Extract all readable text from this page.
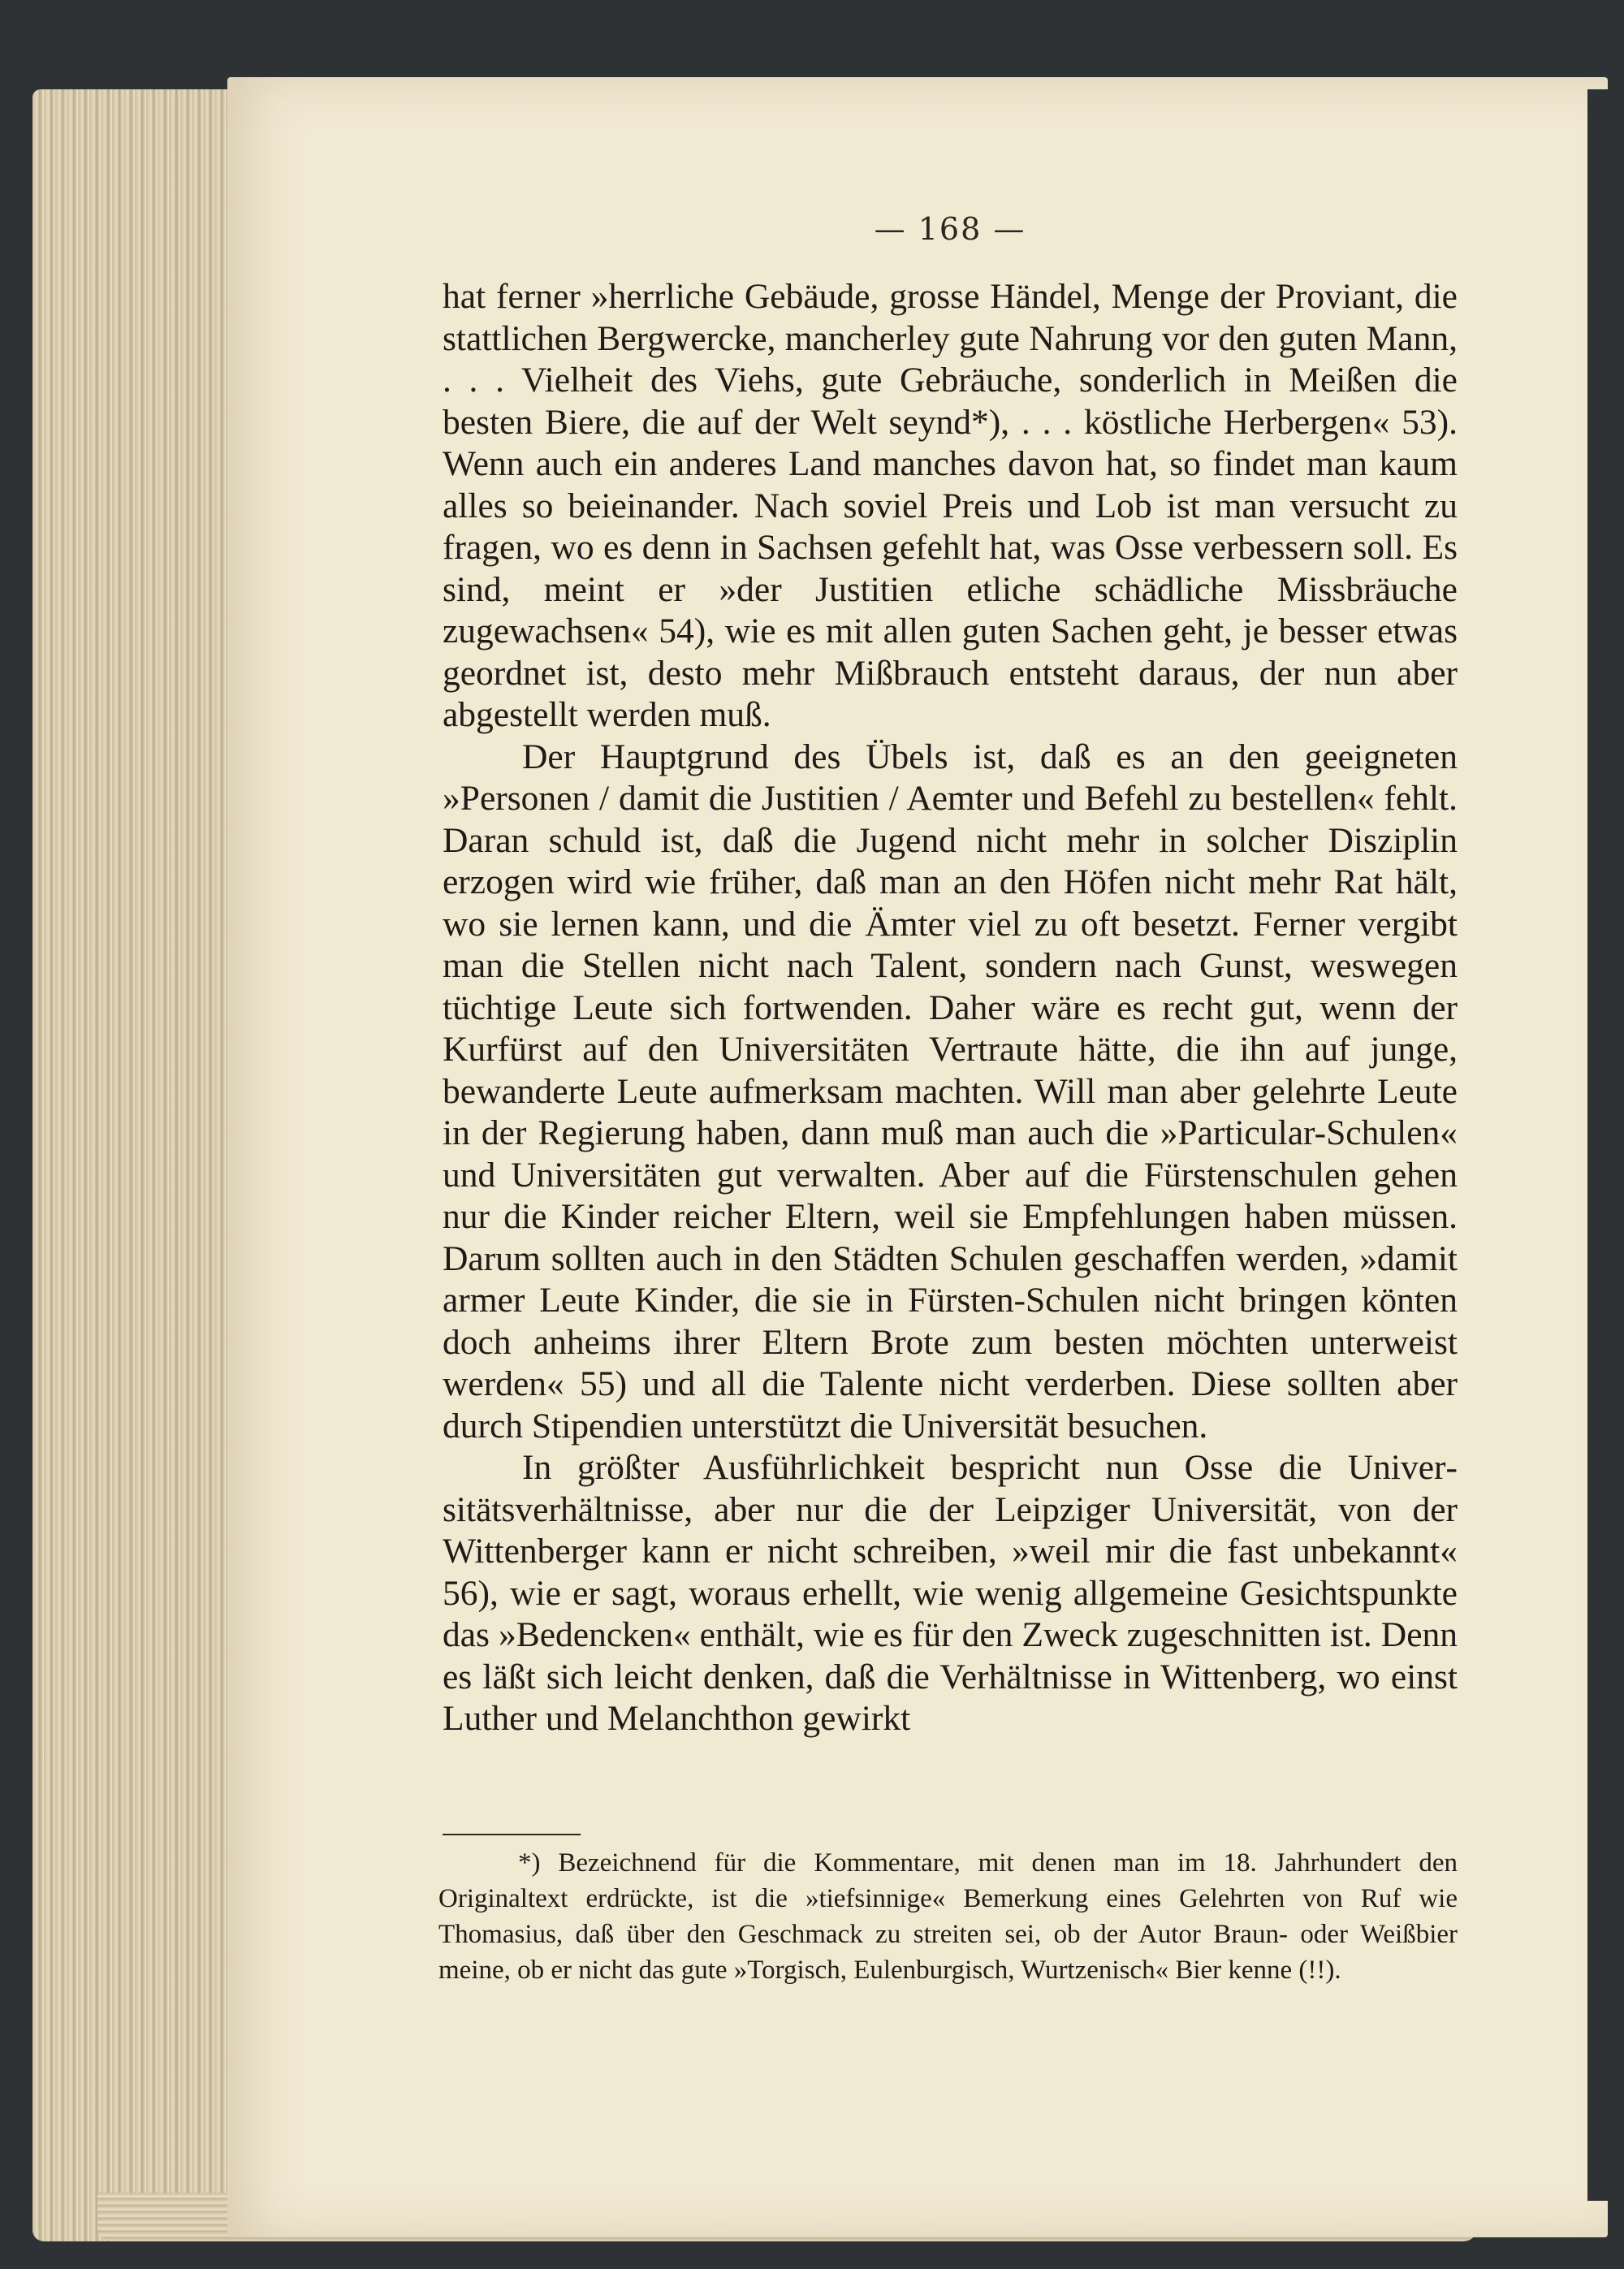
— 168 —

hat ferner »herrliche Gebäude, grosse Händel, Menge der Proviant, die stattlichen Bergwercke, mancherley gute Nahrung vor den guten Mann, . . . Vielheit des Viehs, gute Gebräuche, sonderlich in Meißen die besten Biere, die auf der Welt seynd*), . . . köstliche Herbergen« 53). Wenn auch ein anderes Land manches davon hat, so findet man kaum alles so beieinander. Nach soviel Preis und Lob ist man versucht zu fragen, wo es denn in Sachsen gefehlt hat, was Osse verbessern soll. Es sind, meint er »der Justitien etliche schädliche Missbräuche zugewachsen« 54), wie es mit allen guten Sachen geht, je besser etwas geordnet ist, desto mehr Mißbrauch entsteht daraus, der nun aber abgestellt werden muß.

Der Hauptgrund des Übels ist, daß es an den geeigneten »Personen / damit die Justitien / Aemter und Befehl zu bestellen« fehlt. Daran schuld ist, daß die Jugend nicht mehr in solcher Disziplin erzogen wird wie früher, daß man an den Höfen nicht mehr Rat hält, wo sie lernen kann, und die Ämter viel zu oft besetzt. Ferner vergibt man die Stellen nicht nach Talent, sondern nach Gunst, weswegen tüchtige Leute sich fortwenden. Daher wäre es recht gut, wenn der Kurfürst auf den Universitäten Vertraute hätte, die ihn auf junge, bewanderte Leute aufmerksam machten. Will man aber gelehrte Leute in der Regierung haben, dann muß man auch die »Particular-Schulen« und Universitäten gut verwalten. Aber auf die Fürstenschulen gehen nur die Kinder reicher Eltern, weil sie Empfehlungen haben müssen. Darum sollten auch in den Städten Schulen geschaffen werden, »damit armer Leute Kinder, die sie in Fürsten-Schulen nicht bringen könten doch anheims ihrer Eltern Brote zum besten möchten unterweist werden« 55) und all die Talente nicht verderben. Diese sollten aber durch Stipendien unterstützt die Universität besuchen.

In größter Ausführlichkeit bespricht nun Osse die Universitätsverhältnisse, aber nur die der Leipziger Universität, von der Wittenberger kann er nicht schreiben, »weil mir die fast unbekannt« 56), wie er sagt, woraus erhellt, wie wenig allgemeine Gesichtspunkte das »Bedencken« enthält, wie es für den Zweck zugeschnitten ist. Denn es läßt sich leicht denken, daß die Verhältnisse in Wittenberg, wo einst Luther und Melanchthon gewirkt

*) Bezeichnend für die Kommentare, mit denen man im 18. Jahrhundert den Originaltext erdrückte, ist die »tiefsinnige« Bemerkung eines Gelehrten von Ruf wie Thomasius, daß über den Geschmack zu streiten sei, ob der Autor Braun- oder Weißbier meine, ob er nicht das gute »Torgisch, Eulenburgisch, Wurtzenisch« Bier kenne (!!).
